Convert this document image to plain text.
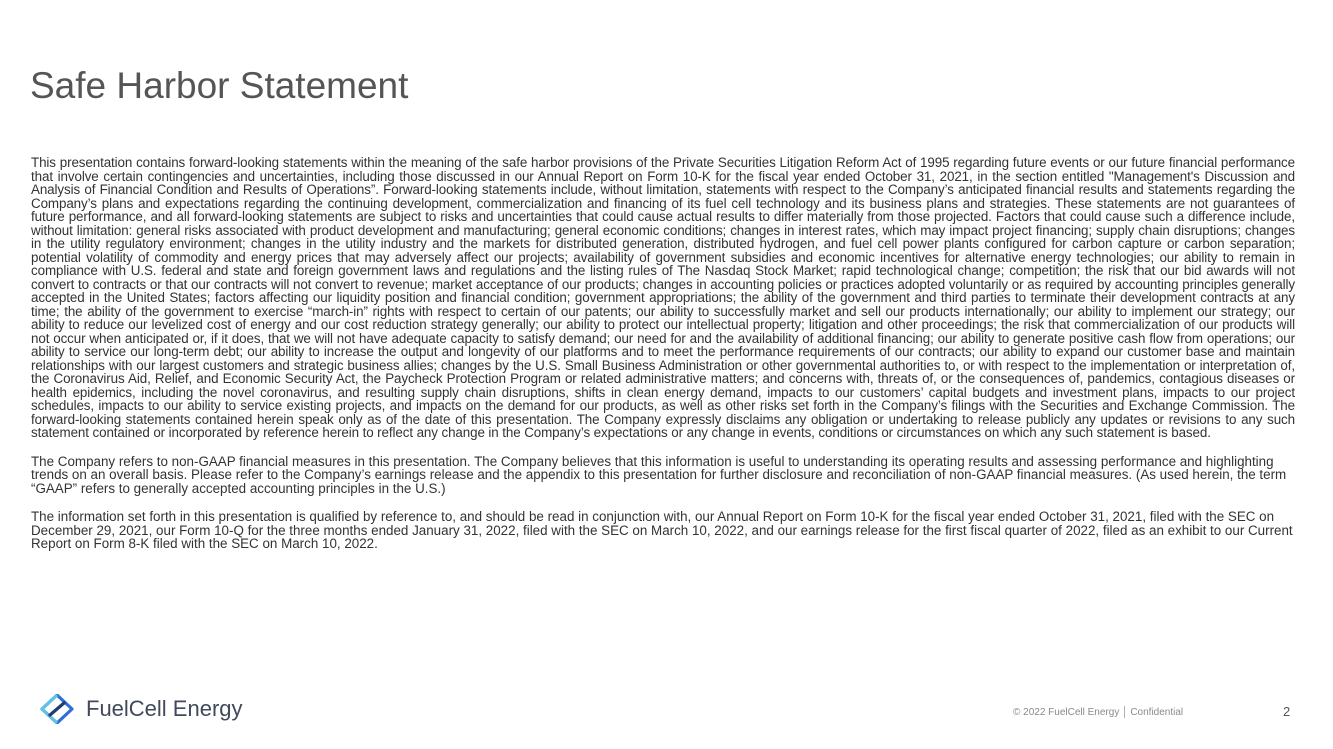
Safe Harbor Statement

This presentation contains forward-looking statements within the meaning of the safe harbor provisions of the Private Securities Litigation Reform Act of 1995 regarding future events or our future financial performance that involve certain contingencies and uncertainties, including those discussed in our Annual Report on Form 10-K for the fiscal year ended October 31, 2021, in the section entitled "Management's Discussion and Analysis of Financial Condition and Results of Operations”. Forward-looking statements include, without limitation, statements with respect to the Company’s anticipated financial results and statements regarding the Company’s plans and expectations regarding the continuing development, commercialization and financing of its fuel cell technology and its business plans and strategies. These statements are not guarantees of future performance, and all forward-looking statements are subject to risks and uncertainties that could cause actual results to differ materially from those projected. Factors that could cause such a difference include, without limitation: general risks associated with product development and manufacturing; general economic conditions; changes in interest rates, which may impact project financing; supply chain disruptions; changes in the utility regulatory environment; changes in the utility industry and the markets for distributed generation, distributed hydrogen, and fuel cell power plants configured for carbon capture or carbon separation; potential volatility of commodity and energy prices that may adversely affect our projects; availability of government subsidies and economic incentives for alternative energy technologies; our ability to remain in compliance with U.S. federal and state and foreign government laws and regulations and the listing rules of The Nasdaq Stock Market; rapid technological change; competition; the risk that our bid awards will not convert to contracts or that our contracts will not convert to revenue; market acceptance of our products; changes in accounting policies or practices adopted voluntarily or as required by accounting principles generally accepted in the United States; factors affecting our liquidity position and financial condition; government appropriations; the ability of the government and third parties to terminate their development contracts at any time; the ability of the government to exercise “march-in” rights with respect to certain of our patents; our ability to successfully market and sell our products internationally; our ability to implement our strategy; our ability to reduce our levelized cost of energy and our cost reduction strategy generally; our ability to protect our intellectual property; litigation and other proceedings; the risk that commercialization of our products will not occur when anticipated or, if it does, that we will not have adequate capacity to satisfy demand; our need for and the availability of additional financing; our ability to generate positive cash flow from operations; our ability to service our long-term debt; our ability to increase the output and longevity of our platforms and to meet the performance requirements of our contracts; our ability to expand our customer base and maintain relationships with our largest customers and strategic business allies; changes by the U.S. Small Business Administration or other governmental authorities to, or with respect to the implementation or interpretation of, the Coronavirus Aid, Relief, and Economic Security Act, the Paycheck Protection Program or related administrative matters; and concerns with, threats of, or the consequences of, pandemics, contagious diseases or health epidemics, including the novel coronavirus, and resulting supply chain disruptions, shifts in clean energy demand, impacts to our customers’ capital budgets and investment plans, impacts to our project schedules, impacts to our ability to service existing projects, and impacts on the demand for our products, as well as other risks set forth in the Company’s filings with the Securities and Exchange Commission. The forward-looking statements contained herein speak only as of the date of this presentation. The Company expressly disclaims any obligation or undertaking to release publicly any updates or revisions to any such statement contained or incorporated by reference herein to reflect any change in the Company’s expectations or any change in events, conditions or circumstances on which any such statement is based.

The Company refers to non-GAAP financial measures in this presentation. The Company believes that this information is useful to understanding its operating results and assessing performance and highlighting trends on an overall basis. Please refer to the Company’s earnings release and the appendix to this presentation for further disclosure and reconciliation of non-GAAP financial measures. (As used herein, the term “GAAP” refers to generally accepted accounting principles in the U.S.)

The information set forth in this presentation is qualified by reference to, and should be read in conjunction with, our Annual Report on Form 10-K for the fiscal year ended October 31, 2021, filed with the SEC on December 29, 2021, our Form 10-Q for the three months ended January 31, 2022, filed with the SEC on March 10, 2022, and our earnings release for the first fiscal quarter of 2022, filed as an exhibit to our Current Report on Form 8-K filed with the SEC on March 10, 2022.

FuelCell Energy	© 2022 FuelCell Energy Confidential	2
